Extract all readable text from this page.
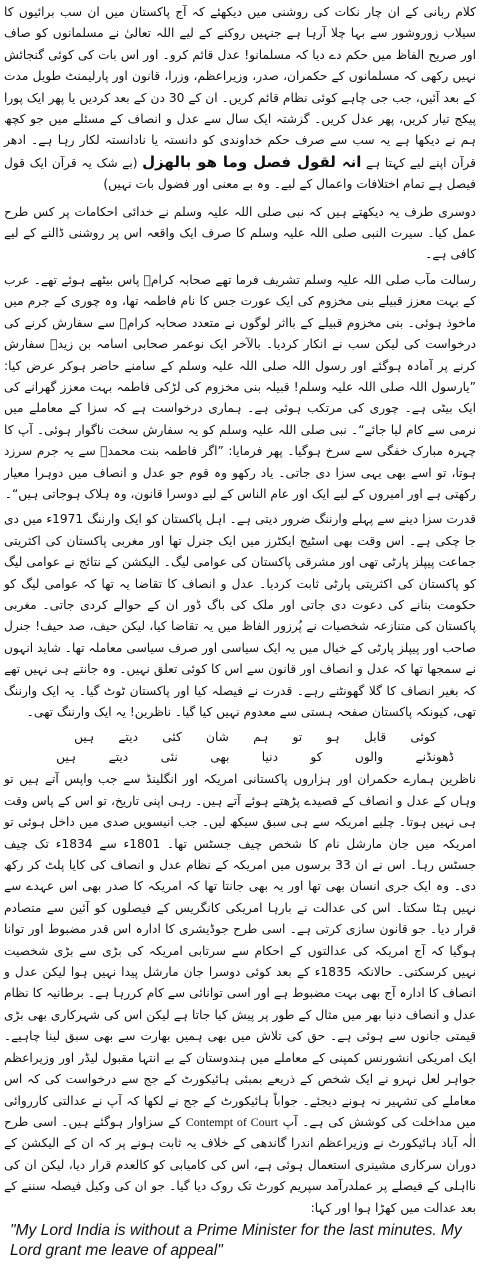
کلام ربانی کے ان چار نکات کی روشنی میں دیکھئے کہ آج پاکستان میں ان سب برائیوں کا سیلاب زوروشور سے بہا چلا آرہا ہے جنہیں روکنے کے لیے اللہ تعالیٰ نے مسلمانوں کو صاف اور صریح الفاظ میں حکم دے دیا کہ مسلمانو! عدل قائم کرو۔ اور اس بات کی کوئی گنجائش نہیں رکھی کہ مسلمانوں کے حکمران، صدر، وزیراعظم، وزرا، قانون اور پارلیمنٹ طویل مدت کے بعد آئیں، جب جی چاہے کوئی نظام قائم کریں۔ ان کے 30 دن کے بعد کردیں یا پھر ایک پورا پیکج تیار کریں، پھر عدل کریں۔ گزشتہ ایک سال سے عدل و انصاف کے مسئلے میں جو کچھ ہم نے دیکھا ہے یہ سب سے صرف حکم خداوندی کو دانستہ یا نادانستہ لکار رہا ہے۔ ادھر قرآن اپنے لیے کہتا ہے انہ لقول فصل وما ھو بالھزل (بے شک یہ قرآن ایک قول فیصل ہے تمام اختلافات واعمال کے لیے۔ وہ بے معنی اور فضول بات نہیں)

دوسری طرف یہ دیکھتے ہیں کہ نبی صلی اللہ علیہ وسلم نے خدائی احکامات پر کس طرح عمل کیا۔ سیرت النبی صلی اللہ علیہ وسلم کا صرف ایک واقعہ اس پر روشنی ڈالنے کے لیے کافی ہے۔

رسالت مآب صلی اللہ علیہ وسلم تشریف فرما تھے صحابہ کرامؓ پاس بیٹھے ہوئے تھے۔ عرب کے بہت معزز قبیلے بنی مخزوم کی ایک عورت جس کا نام فاطمہ تھا، وہ چوری کے جرم میں ماخوذ ہوئی۔ بنی مخزوم قبیلے کے بااثر لوگوں نے متعدد صحابہ کرامؓ سے سفارش کرنے کی درخواست کی لیکن سب نے انکار کردیا۔ بالآخر ایک نوعمر صحابی اسامہ بن زیدؓ سفارش کرنے پر آمادہ ہوگئے اور رسول اللہ صلی اللہ علیہ وسلم کے سامنے حاضر ہوکر عرض کیا: ”یارسول اللہ صلی اللہ علیہ وسلم! قبیلہ بنی مخزوم کی لڑکی فاطمہ بہت معزز گھرانے کی ایک بیٹی ہے۔ چوری کی مرتکب ہوئی ہے۔ ہماری درخواست ہے کہ سزا کے معاملے میں نرمی سے کام لیا جائے“۔ نبی صلی اللہ علیہ وسلم کو یہ سفارش سخت ناگوار ہوئی۔ آپ کا چہرہ مبارک خفگی سے سرخ ہوگیا۔ پھر فرمایا: ”اگر فاطمہ بنت محمدؐ سے یہ جرم سرزد ہوتا، تو اسے بھی یہی سزا دی جاتی۔ یاد رکھو وہ قوم جو عدل و انصاف میں دوہرا معیار رکھتی ہے اور امیروں کے لیے ایک اور عام الناس کے لیے دوسرا قانون، وہ ہلاک ہوجاتی ہیں“۔

قدرت سزا دینے سے پہلے وارننگ ضرور دیتی ہے۔ اہل پاکستان کو ایک وارننگ 1971ء میں دی جا چکی ہے۔ اس وقت بھی اسٹیج ایکٹرز میں ایک جنرل تھا اور مغربی پاکستان کی اکثریتی جماعت پیپلز پارٹی تھی اور مشرقی پاکستان کی عوامی لیگ۔ الیکشن کے نتائج نے عوامی لیگ کو پاکستان کی اکثریتی پارٹی ثابت کردیا۔ عدل و انصاف کا تقاضا یہ تھا کہ عوامی لیگ کو حکومت بنانے کی دعوت دی جاتی اور ملک کی باگ ڈور ان کے حوالے کردی جاتی۔ مغربی پاکستان کی متنازعہ شخصیات نے پُرزور الفاظ میں یہ تقاضا کیا، لیکن حیف، صد حیف! جنرل صاحب اور پیپلز پارٹی کے خیال میں یہ ایک سیاسی اور صرف سیاسی معاملہ تھا۔ شاید انہوں نے سمجھا تھا کہ عدل و انصاف اور قانون سے اس کا کوئی تعلق نہیں۔ وہ جانتے ہی نہیں تھے کہ بغیر انصاف کا گلا گھونٹنے رہے۔ قدرت نے فیصلہ کیا اور پاکستان ٹوٹ گیا۔ یہ ایک وارننگ تھی، کیونکہ پاکستان صفحہ ہستی سے معدوم نہیں کیا گیا۔ ناظرین! یہ ایک وارننگ تھی۔

کوئی
قابل
ہو
تو
ہم
شان
کئی
دیتے
ہیں
ڈھونڈنے
والوں
کو
دنیا
بھی
نئی
دیتے
ہیں

ناظرین ہمارے حکمران اور ہزاروں پاکستانی امریکہ اور انگلینڈ سے جب واپس آتے ہیں تو وہاں کے عدل و انصاف کے قصیدے پڑھتے ہوئے آتے ہیں۔ رہی اپنی تاریخ، تو اس کے پاس وقت ہی نہیں ہوتا۔ چلیے امریکہ سے ہی سبق سیکھ لیں۔ جب انیسویں صدی میں داخل ہوئی تو امریکہ میں جان مارشل نام کا شخص چیف جسٹس تھا۔ 1801ء سے 1834ء تک چیف جسٹس رہا۔ اس نے ان 33 برسوں میں امریکہ کے نظام عدل و انصاف کی کایا پلٹ کر رکھ دی۔ وہ ایک جری انسان بھی تھا اور یہ بھی جانتا تھا کہ امریکہ کا صدر بھی اس عہدے سے نہیں ہٹا سکتا۔ اس کی عدالت نے بارہا امریکی کانگریس کے فیصلوں کو آئین سے متصادم قرار دیا۔ جو قانون سازی کرتی ہے۔ اسی طرح جوڈیشری کا ادارہ اس قدر مضبوط اور توانا ہوگیا کہ آج امریکہ کی عدالتوں کے احکام سے سرتابی امریکہ کی بڑی سے بڑی شخصیت نہیں کرسکتی۔ حالانکہ 1835ء کے بعد کوئی دوسرا جان مارشل پیدا نہیں ہوا لیکن عدل و انصاف کا ادارہ آج بھی بہت مضبوط ہے اور اسی توانائی سے کام کررہا ہے۔ برطانیہ کا نظام عدل و انصاف دنیا بھر میں مثال کے طور پر پیش کیا جاتا ہے لیکن اس کی شہرکاری بھی بڑی قیمتی جانوں سے ہوئی ہے۔ حق کی تلاش میں بھی ہمیں بھارت سے بھی سبق لینا چاہیے۔ ایک امریکی انشورنس کمپنی کے معاملے میں ہندوستان کے بے انتہا مقبول لیڈر اور وزیراعظم جواہر لعل نہرو نے ایک شخص کے ذریعے بمبئی ہائیکورٹ کے جج سے درخواست کی کہ اس معاملے کی تشہیر نہ ہونے دیجئے۔ جواباً ہائیکورٹ کے جج نے لکھا کہ آپ نے عدالتی کارروائی میں مداخلت کی کوشش کی ہے۔ آپ Contempt of Court کے سزاوار ہوگئے ہیں۔ اسی طرح الٰہ آباد ہائیکورٹ نے وزیراعظم اندرا گاندھی کے خلاف یہ ثابت ہونے پر کہ ان کے الیکشن کے دوران سرکاری مشینری استعمال ہوئی ہے، اس کی کامیابی کو کالعدم قرار دیا، لیکن ان کی نااہلی کے فیصلے پر عملدرآمد سپریم کورٹ تک روک دیا گیا۔ جو ان کی وکیل فیصلہ سننے کے بعد عدالت میں کھڑا ہوا اور کہا:

"My Lord India is without a Prime Minister for the last minutes. My Lord grant me leave of appeal"
